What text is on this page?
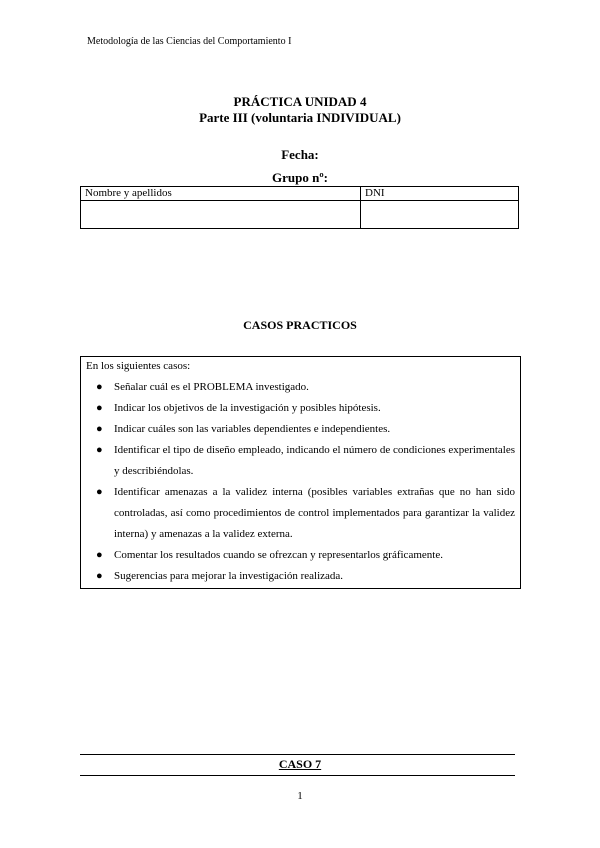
Metodología de las Ciencias del Comportamiento I
PRÁCTICA UNIDAD 4
Parte III (voluntaria INDIVIDUAL)
Fecha:
Grupo nº:
Nombre y apellidos	DNI

CASOS PRACTICOS
En los siguientes casos:
● Señalar cuál es el PROBLEMA investigado.
● Indicar los objetivos de la investigación y posibles hipótesis.
● Indicar cuáles son las variables dependientes e independientes.
● Identificar el tipo de diseño empleado, indicando el número de condiciones experimentales y describiéndolas.
● Identificar amenazas a la validez interna (posibles variables extrañas que no han sido controladas, así como procedimientos de control implementados para garantizar la validez interna) y amenazas a la validez externa.
● Comentar los resultados cuando se ofrezcan y representarlos gráficamente.
● Sugerencias para mejorar la investigación realizada.
CASO 7
1
